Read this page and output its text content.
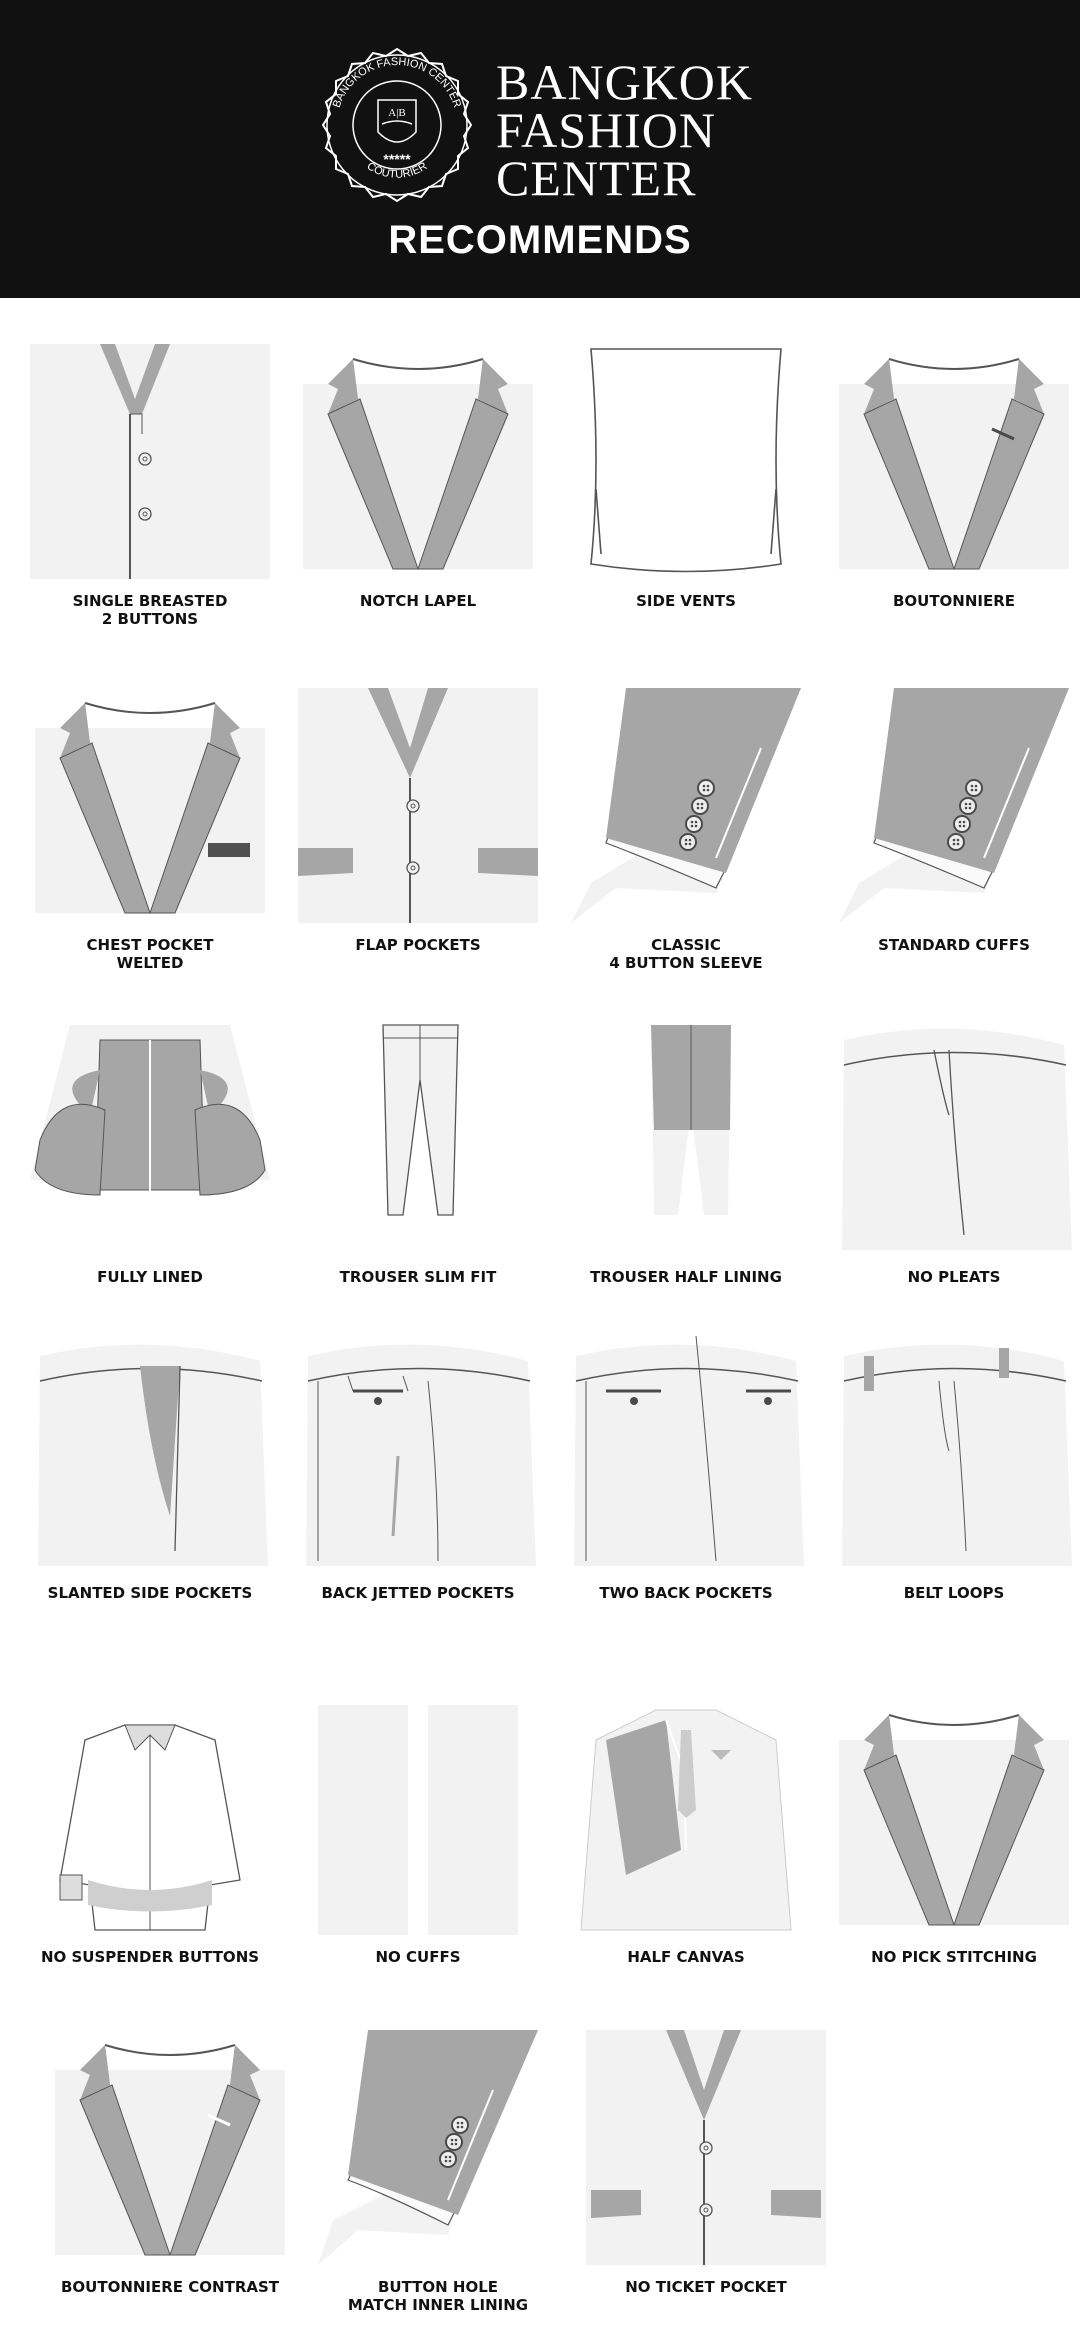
BANGKOK FASHION CENTER
COUTURIER
A|B
*****
BANGKOK
FASHION
CENTER
RECOMMENDS
SINGLE BREASTED
2 BUTTONS
NOTCH LAPEL	SIDE VENTS	BOUTONNIERE
CHEST POCKET
WELTED
FLAP POCKETS	CLASSIC
4 BUTTON SLEEVE
STANDARD CUFFS
FULLY LINED	TROUSER SLIM FIT	TROUSER HALF LINING	NO PLEATS
SLANTED SIDE POCKETS	BACK JETTED POCKETS	TWO BACK POCKETS	BELT LOOPS
NO SUSPENDER BUTTONS	NO CUFFS	HALF CANVAS	NO PICK STITCHING
BOUTONNIERE CONTRAST	BUTTON HOLE
MATCH INNER LINING
NO TICKET POCKET
